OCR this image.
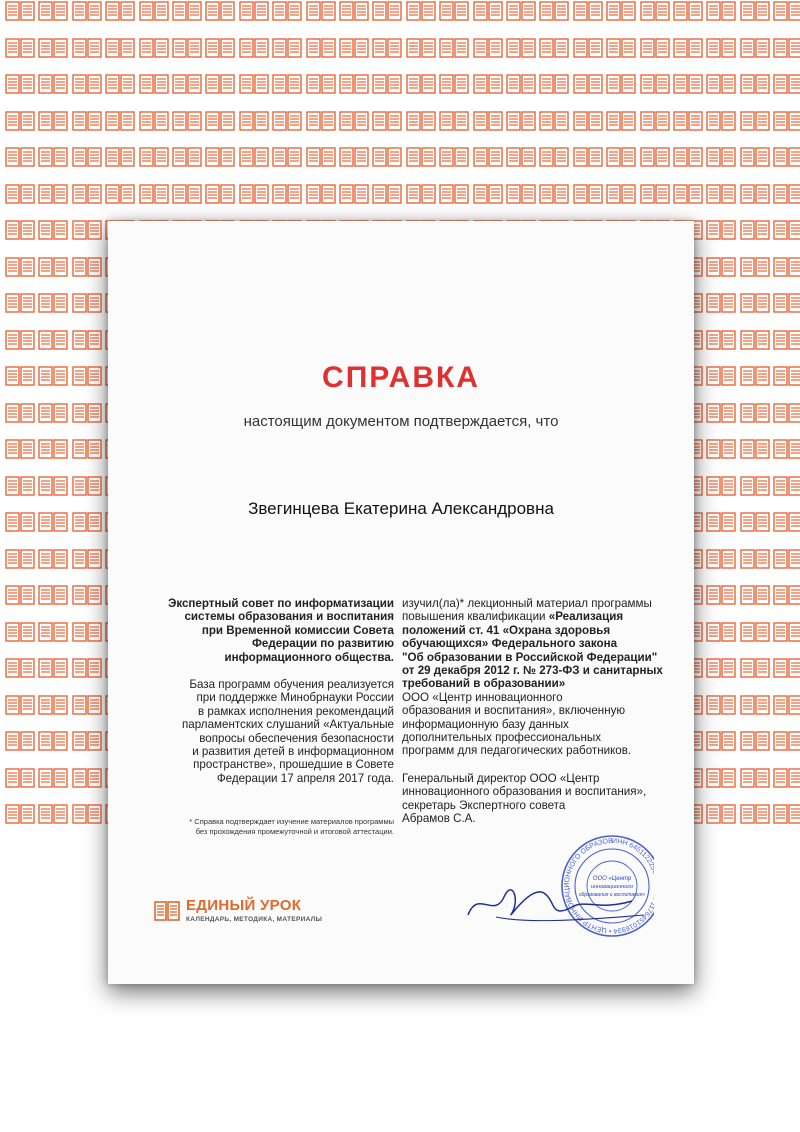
СПРАВКА
настоящим документом подтверждается, что
Звегинцева Екатерина Александровна

Экспертный совет по информатизации
системы образования и воспитания
при Временной комиссии Совета
Федерации по развитию
информационного общества.

База программ обучения реализуется
при поддержке Минобрнауки России
в рамках исполнения рекомендаций
парламентских слушаний «Актуальные
вопросы обеспечения безопасности
и развития детей в информационном
пространстве», прошедшие в Совете
Федерации 17 апреля 2017 года.

* Справка подтверждает изучение материалов программы
без прохождения промежуточной и итоговой аттестации.

изучил(ла)* лекционный материал программы
повышения квалификации «Реализация
положений ст. 41 «Охрана здоровья
обучающихся» Федерального закона
"Об образовании в Российской Федерации"
от 29 декабря 2012 г. № 273-ФЗ и санитарных
требований в образовании»
ООО «Центр инновационного
образования и воспитания», включенную
информационную базу данных
дополнительных профессиональных
программ для педагогических работников.

Генеральный директор ООО «Центр
инновационного образования и воспитания»,
секретарь Экспертного совета
Абрамов С.А.

ЕДИНЫЙ УРОК
КАЛЕНДАРЬ, МЕТОДИКА, МАТЕРИАЛЫ
ИНН 6451122 76451016934 • ЦЕНТР ИННОВАЦИОННОГО ОБРАЗОВ
ООО «Центр
инновационного
образования и воспитания»
